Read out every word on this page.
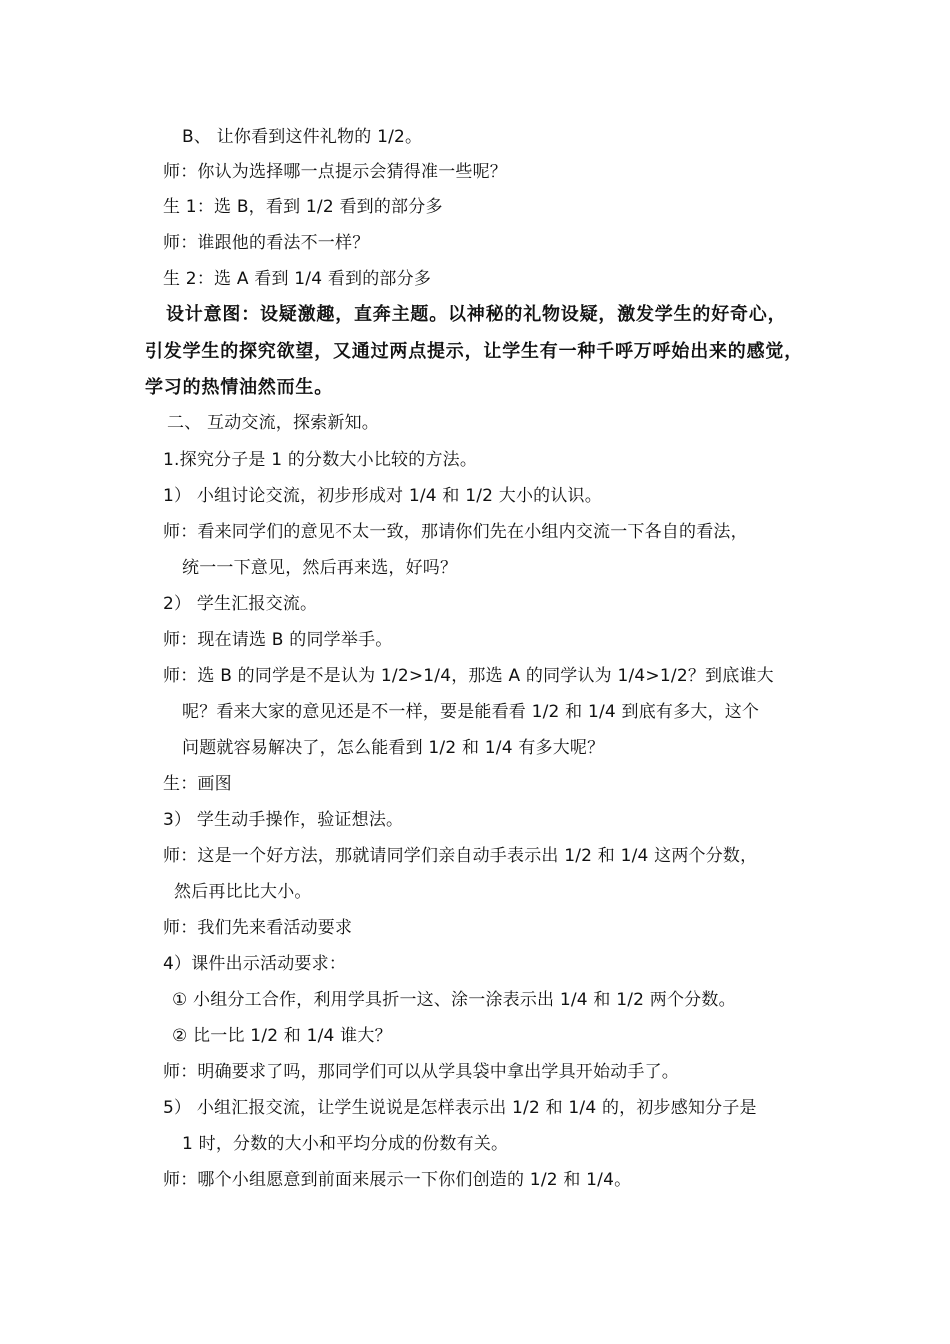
B、 让你看到这件礼物的 1/2。
师：你认为选择哪一点提示会猜得准一些呢？
生 1：选 B，看到 1/2 看到的部分多
师：谁跟他的看法不一样？
生 2：选 A 看到 1/4 看到的部分多
设计意图：设疑激趣，直奔主题。以神秘的礼物设疑，激发学生的好奇心，
引发学生的探究欲望，又通过两点提示，让学生有一种千呼万呼始出来的感觉，
学习的热情油然而生。
二、 互动交流，探索新知。
1.探究分子是 1 的分数大小比较的方法。
1） 小组讨论交流，初步形成对 1/4 和 1/2 大小的认识。
师：看来同学们的意见不太一致，那请你们先在小组内交流一下各自的看法，
统一一下意见，然后再来选，好吗？
2） 学生汇报交流。
师：现在请选 B 的同学举手。
师：选 B 的同学是不是认为 1/2>1/4，那选 A 的同学认为 1/4>1/2？到底谁大
呢？看来大家的意见还是不一样，要是能看看 1/2 和 1/4 到底有多大，这个
问题就容易解决了，怎么能看到 1/2 和 1/4 有多大呢？
生：画图
3） 学生动手操作，验证想法。
师：这是一个好方法，那就请同学们亲自动手表示出 1/2 和 1/4 这两个分数，
然后再比比大小。
师：我们先来看活动要求
4）课件出示活动要求：
① 小组分工合作，利用学具折一这、涂一涂表示出 1/4 和 1/2 两个分数。
② 比一比 1/2 和 1/4 谁大？
师：明确要求了吗，那同学们可以从学具袋中拿出学具开始动手了。
5） 小组汇报交流，让学生说说是怎样表示出 1/2 和 1/4 的，初步感知分子是
1 时，分数的大小和平均分成的份数有关。
师：哪个小组愿意到前面来展示一下你们创造的 1/2 和 1/4。
